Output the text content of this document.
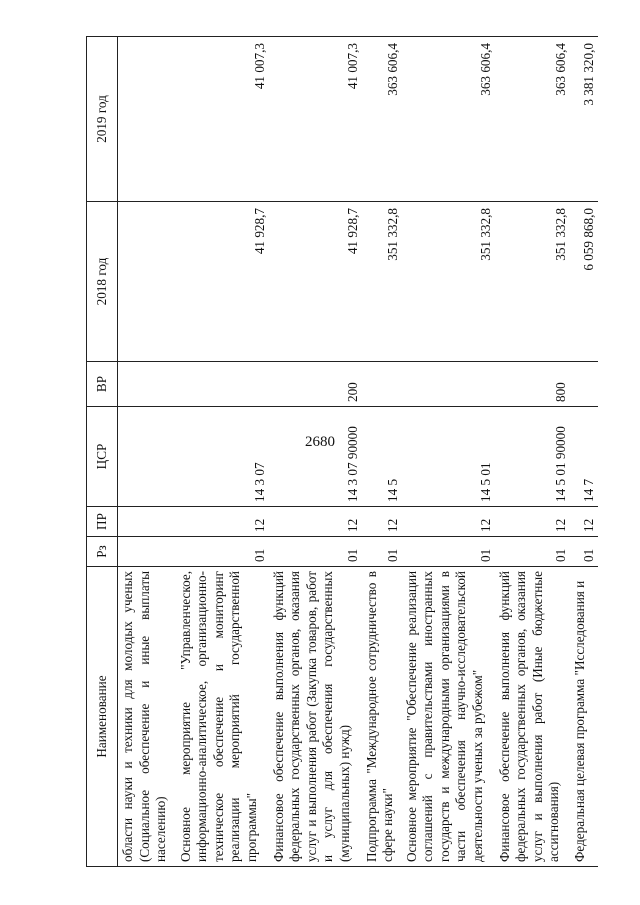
2680
Наименование	Рз	ПР	ЦСР	ВР	2018 год	2019 год
области науки и техники для молодых ученых (Социальное обеспечение и иные выплаты населению)						
Основное мероприятие "Управленческое, информационно-аналитическое, организационно-техническое обеспечение и мониторинг реализации мероприятий государственной программы"	01	12	14 3 07		41 928,7	41 007,3
Финансовое обеспечение выполнения функций федеральных государственных органов, оказания услуг и выполнения работ (Закупка товаров, работ и услуг для обеспечения государственных (муниципальных) нужд)	01	12	14 3 07 90000	200	41 928,7	41 007,3
Подпрограмма "Международное сотрудничество в сфере науки"	01	12	14 5		351 332,8	363 606,4
Основное мероприятие "Обеспечение реализации соглашений с правительствами иностранных государств и международными организациями в части обеспечения научно-исследовательской деятельности ученых за рубежом"	01	12	14 5 01		351 332,8	363 606,4
Финансовое обеспечение выполнения функций федеральных государственных органов, оказания услуг и выполнения работ (Иные бюджетные ассигнования)	01	12	14 5 01 90000	800	351 332,8	363 606,4
Федеральная целевая программа "Исследования и	01	12	14 7		6 059 868,0	3 381 320,0
